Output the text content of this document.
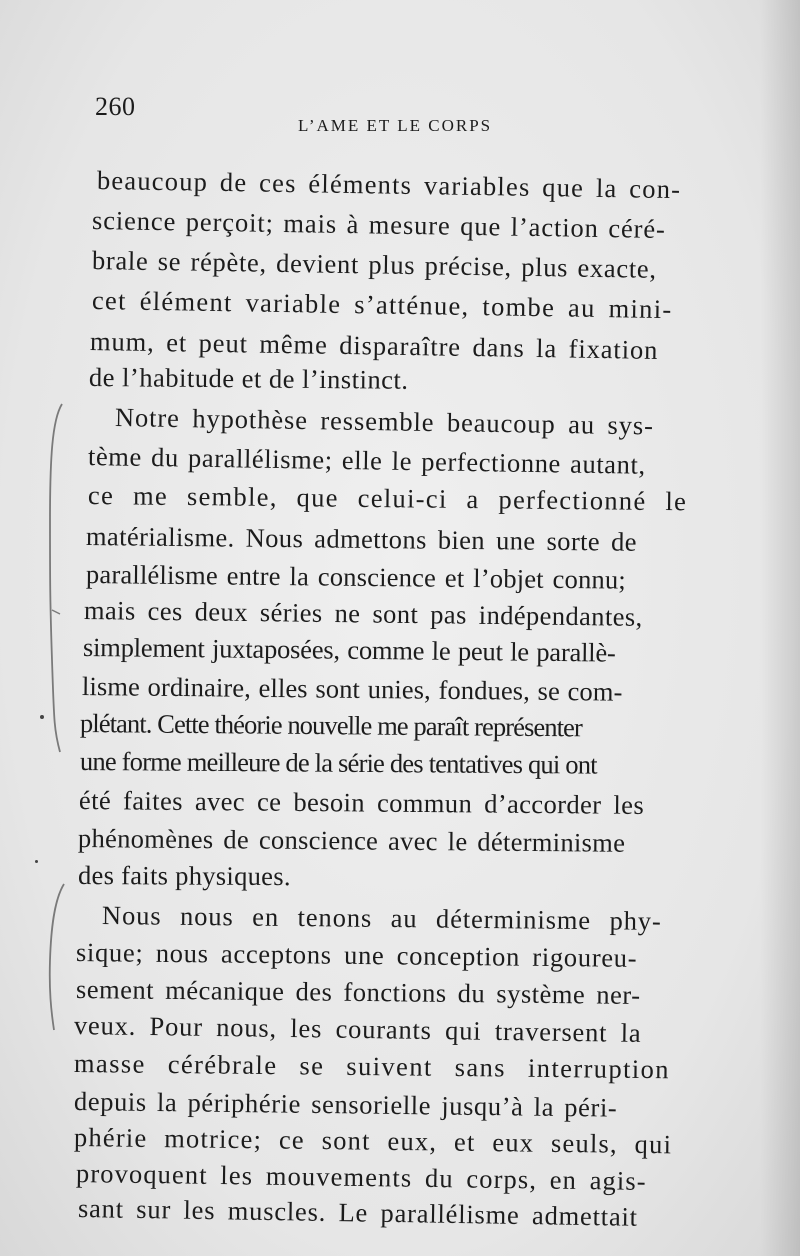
260
L’AME ET LE CORPS
beaucoup de ces éléments variables que la con-
science perçoit; mais à mesure que l’action céré-
brale se répète, devient plus précise, plus exacte,
cet élément variable s’atténue, tombe au mini-
mum, et peut même disparaître dans la fixation
de l’habitude et de l’instinct.
Notre hypothèse ressemble beaucoup au sys-
tème du parallélisme; elle le perfectionne autant,
ce me semble, que celui-ci a perfectionné le
matérialisme. Nous admettons bien une sorte de
parallélisme entre la conscience et l’objet connu;
mais ces deux séries ne sont pas indépendantes,
simplement juxtaposées, comme le peut le parallè-
lisme ordinaire, elles sont unies, fondues, se com-
plétant. Cette théorie nouvelle me paraît représenter
une forme meilleure de la série des tentatives qui ont
été faites avec ce besoin commun d’accorder les
phénomènes de conscience avec le déterminisme
des faits physiques.
Nous nous en tenons au déterminisme phy-
sique; nous acceptons une conception rigoureu-
sement mécanique des fonctions du système ner-
veux. Pour nous, les courants qui traversent la
masse cérébrale se suivent sans interruption
depuis la périphérie sensorielle jusqu’à la péri-
phérie motrice; ce sont eux, et eux seuls, qui
provoquent les mouvements du corps, en agis-
sant sur les muscles. Le parallélisme admettait
